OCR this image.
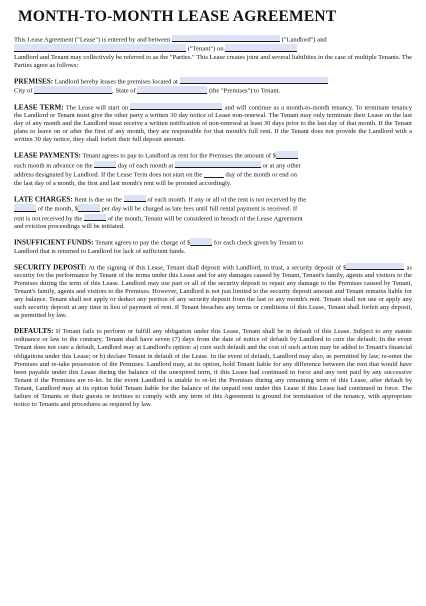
MONTH-TO-MONTH LEASE AGREEMENT
This Lease Agreement ("Lease") is entered by and between	("Landlord") and
("Tenant") on
Landlord and Tenant may collectively be referred to as the "Parties." This Lease creates joint and several liabilities in the case of multiple Tenants. The Parties agree as follows:
PREMISES: Landlord hereby leases the premises located at
City of	, State of	(the "Premises") to Tenant.
LEASE TERM: The Lease will start on	and will continue as a month-to-month tenancy. To terminate tenancy the Landlord or Tenant must give the other party a written 30 day notice of Lease non-renewal. The Tenant may only terminate their Lease on the last day of any month and the Landlord must receive a written notification of non-renewal at least 30 days prior to the last day of that month. If the Tenant plans to leave on or after the first of any month, they are responsible for that month's full rent. If the Tenant does not provide the Landlord with a written 30 day notice, they shall forfeit their full deposit amount.
LEASE PAYMENTS: Tenant agrees to pay to Landlord as rent for the Premises the amount of $
each month in advance on the	day of each month at	or at any other
address designated by Landlord. If the Lease Term does not start on the	day of the month or end on
the last day of a month, the first and last month's rent will be prorated accordingly.
LATE CHARGES: Rent is due on the	of each month. If any or all of the rent is not received by the
of the month, $	per day will be charged as late fees until full rental payment is received. If
rent is not received by the	of the month, Tenant will be considered in breach of the Lease Agreement
and eviction proceedings will be initiated.
INSUFFICIENT FUNDS: Tenant agrees to pay the charge of $	for each check given by Tenant to
Landlord that is returned to Landlord for lack of sufficient funds.
SECURITY DEPOSIT: At the signing of this Lease, Tenant shall deposit with Landlord, in trust, a security deposit of $	as security for the performance by Tenant of the terms under this Lease and for any damages caused by Tenant, Tenant's family, agents and visitors to the Premises during the term of this Lease. Landlord may use part or all of the security deposit to repair any damage to the Premises caused by Tenant, Tenant's family, agents and visitors to the Premises. However, Landlord is not just limited to the security deposit amount and Tenant remains liable for any balance. Tenant shall not apply or deduct any portion of any security deposit from the last or any month's rent. Tenant shall not use or apply any such security deposit at any time in lieu of payment of rent. If Tenant breaches any terms or conditions of this Lease, Tenant shall forfeit any deposit, as permitted by law.
DEFAULTS: If Tenant fails to perform or fulfill any obligation under this Lease, Tenant shall be in default of this Lease. Subject to any statute ordinance or law to the contrary, Tenant shall have seven (7) days from the date of notice of default by Landlord to cure the default. In the event Tenant does not cure a default, Landlord may at Landlord's option: a) cure such default and the cost of such action may be added to Tenant's financial obligations under this Lease; or b) declare Tenant in default of the Lease. In the event of default, Landlord may also, as permitted by law, re-enter the Premises and re-take possession of the Premises. Landlord may, at its option, hold Tenant liable for any difference between the rent that would have been payable under this Lease during the balance of the unexpired term, if this Lease had continued in force and any rent paid by any successive Tenant if the Premises are re-let. In the event Landlord is unable to re-let the Premises during any remaining term of this Lease, after default by Tenant, Landlord may at its option hold Tenant liable for the balance of the unpaid rent under this Lease if this Lease had continued in force. The failure of Tenants or their guests or invitees to comply with any term of this Agreement is ground for termination of the tenancy, with appropriate notice to Tenants and procedures as required by law.
